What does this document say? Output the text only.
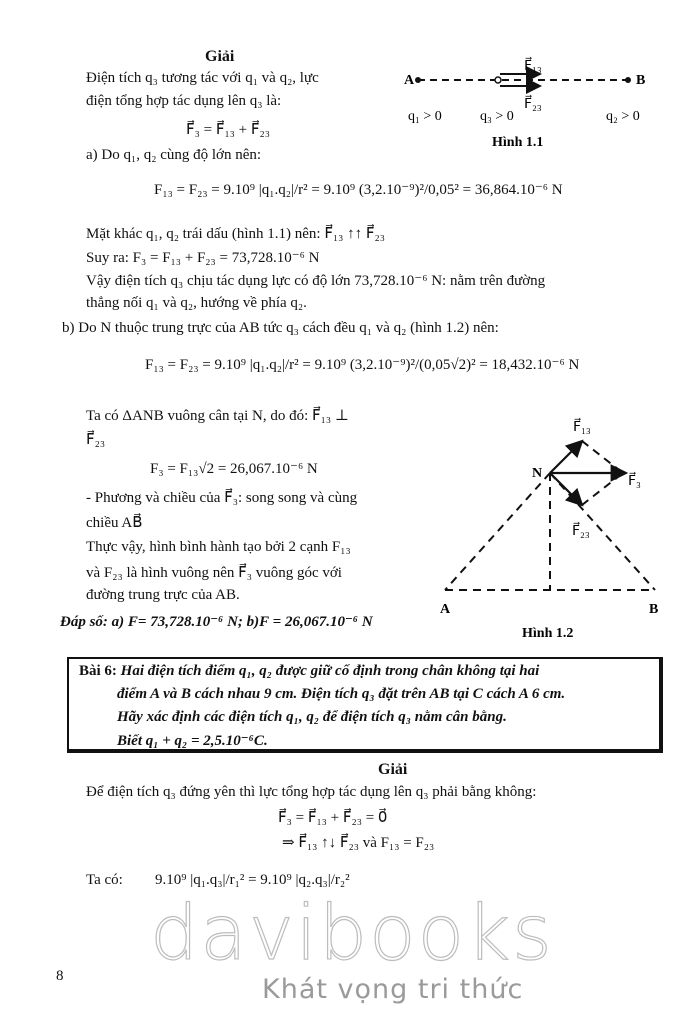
Giải
Điện tích q₃ tương tác với q₁ và q₂, lực
điện tổng hợp tác dụng lên q₃ là:
F⃗₃ = F⃗₁₃ + F⃗₂₃
a) Do q₁, q₂ cùng độ lớn nên:
F₁₃ = F₂₃ = 9.10⁹ |q₁.q₂|/r² = 9.10⁹ (3,2.10⁻⁹)²/0,05² = 36,864.10⁻⁶ N
Mặt khác q₁, q₂ trái dấu (hình 1.1) nên: F⃗₁₃ ↑↑ F⃗₂₃
Suy ra: F₃ = F₁₃ + F₂₃ = 73,728.10⁻⁶ N
Vậy điện tích q₃ chịu tác dụng lực có độ lớn 73,728.10⁻⁶ N: nằm trên đường
thẳng nối q₁ và q₂, hướng về phía q₂.
b) Do N thuộc trung trực của AB tức q₃ cách đều q₁ và q₂ (hình 1.2) nên:
F₁₃ = F₂₃ = 9.10⁹ |q₁.q₂|/r² = 9.10⁹ (3,2.10⁻⁹)²/(0,05√2)² = 18,432.10⁻⁶ N
Ta có ΔANB vuông cân tại N, do đó: F⃗₁₃ ⊥
F⃗₂₃
F₃ = F₁₃√2 = 26,067.10⁻⁶ N
- Phương và chiều của F⃗₃: song song và cùng
chiều AB⃗
Thực vậy, hình bình hành tạo bởi 2 cạnh F₁₃
và F₂₃ là hình vuông nên F⃗₃ vuông góc với
đường trung trực của AB.
Đáp số: a) F= 73,728.10⁻⁶ N; b)F = 26,067.10⁻⁶ N
A	B
F⃗₁₃
F⃗₂₃
q₁ > 0	q₃ > 0	q₂ > 0
Hình 1.1
N
F⃗₁₃
F⃗₂₃
F⃗₃
A	B
Hình 1.2
Bài 6: Hai điện tích điểm q₁, q₂ được giữ cố định trong chân không tại hai
điểm A và B cách nhau 9 cm. Điện tích q₃ đặt trên AB tại C cách A 6 cm.
Hãy xác định các điện tích q₁, q₂ để điện tích q₃ nằm cân bằng.
Biết q₁ + q₂ = 2,5.10⁻⁶C.
Giải
Để điện tích q₃ đứng yên thì lực tổng hợp tác dụng lên q₃ phải bằng không:
F⃗₃ = F⃗₁₃ + F⃗₂₃ = 0⃗
⇒ F⃗₁₃ ↑↓ F⃗₂₃ và F₁₃ = F₂₃
Ta có: 9.10⁹ |q₁.q₃|/r₁² = 9.10⁹ |q₂.q₃|/r₂²
8 davibooks
Khát vọng tri thức
